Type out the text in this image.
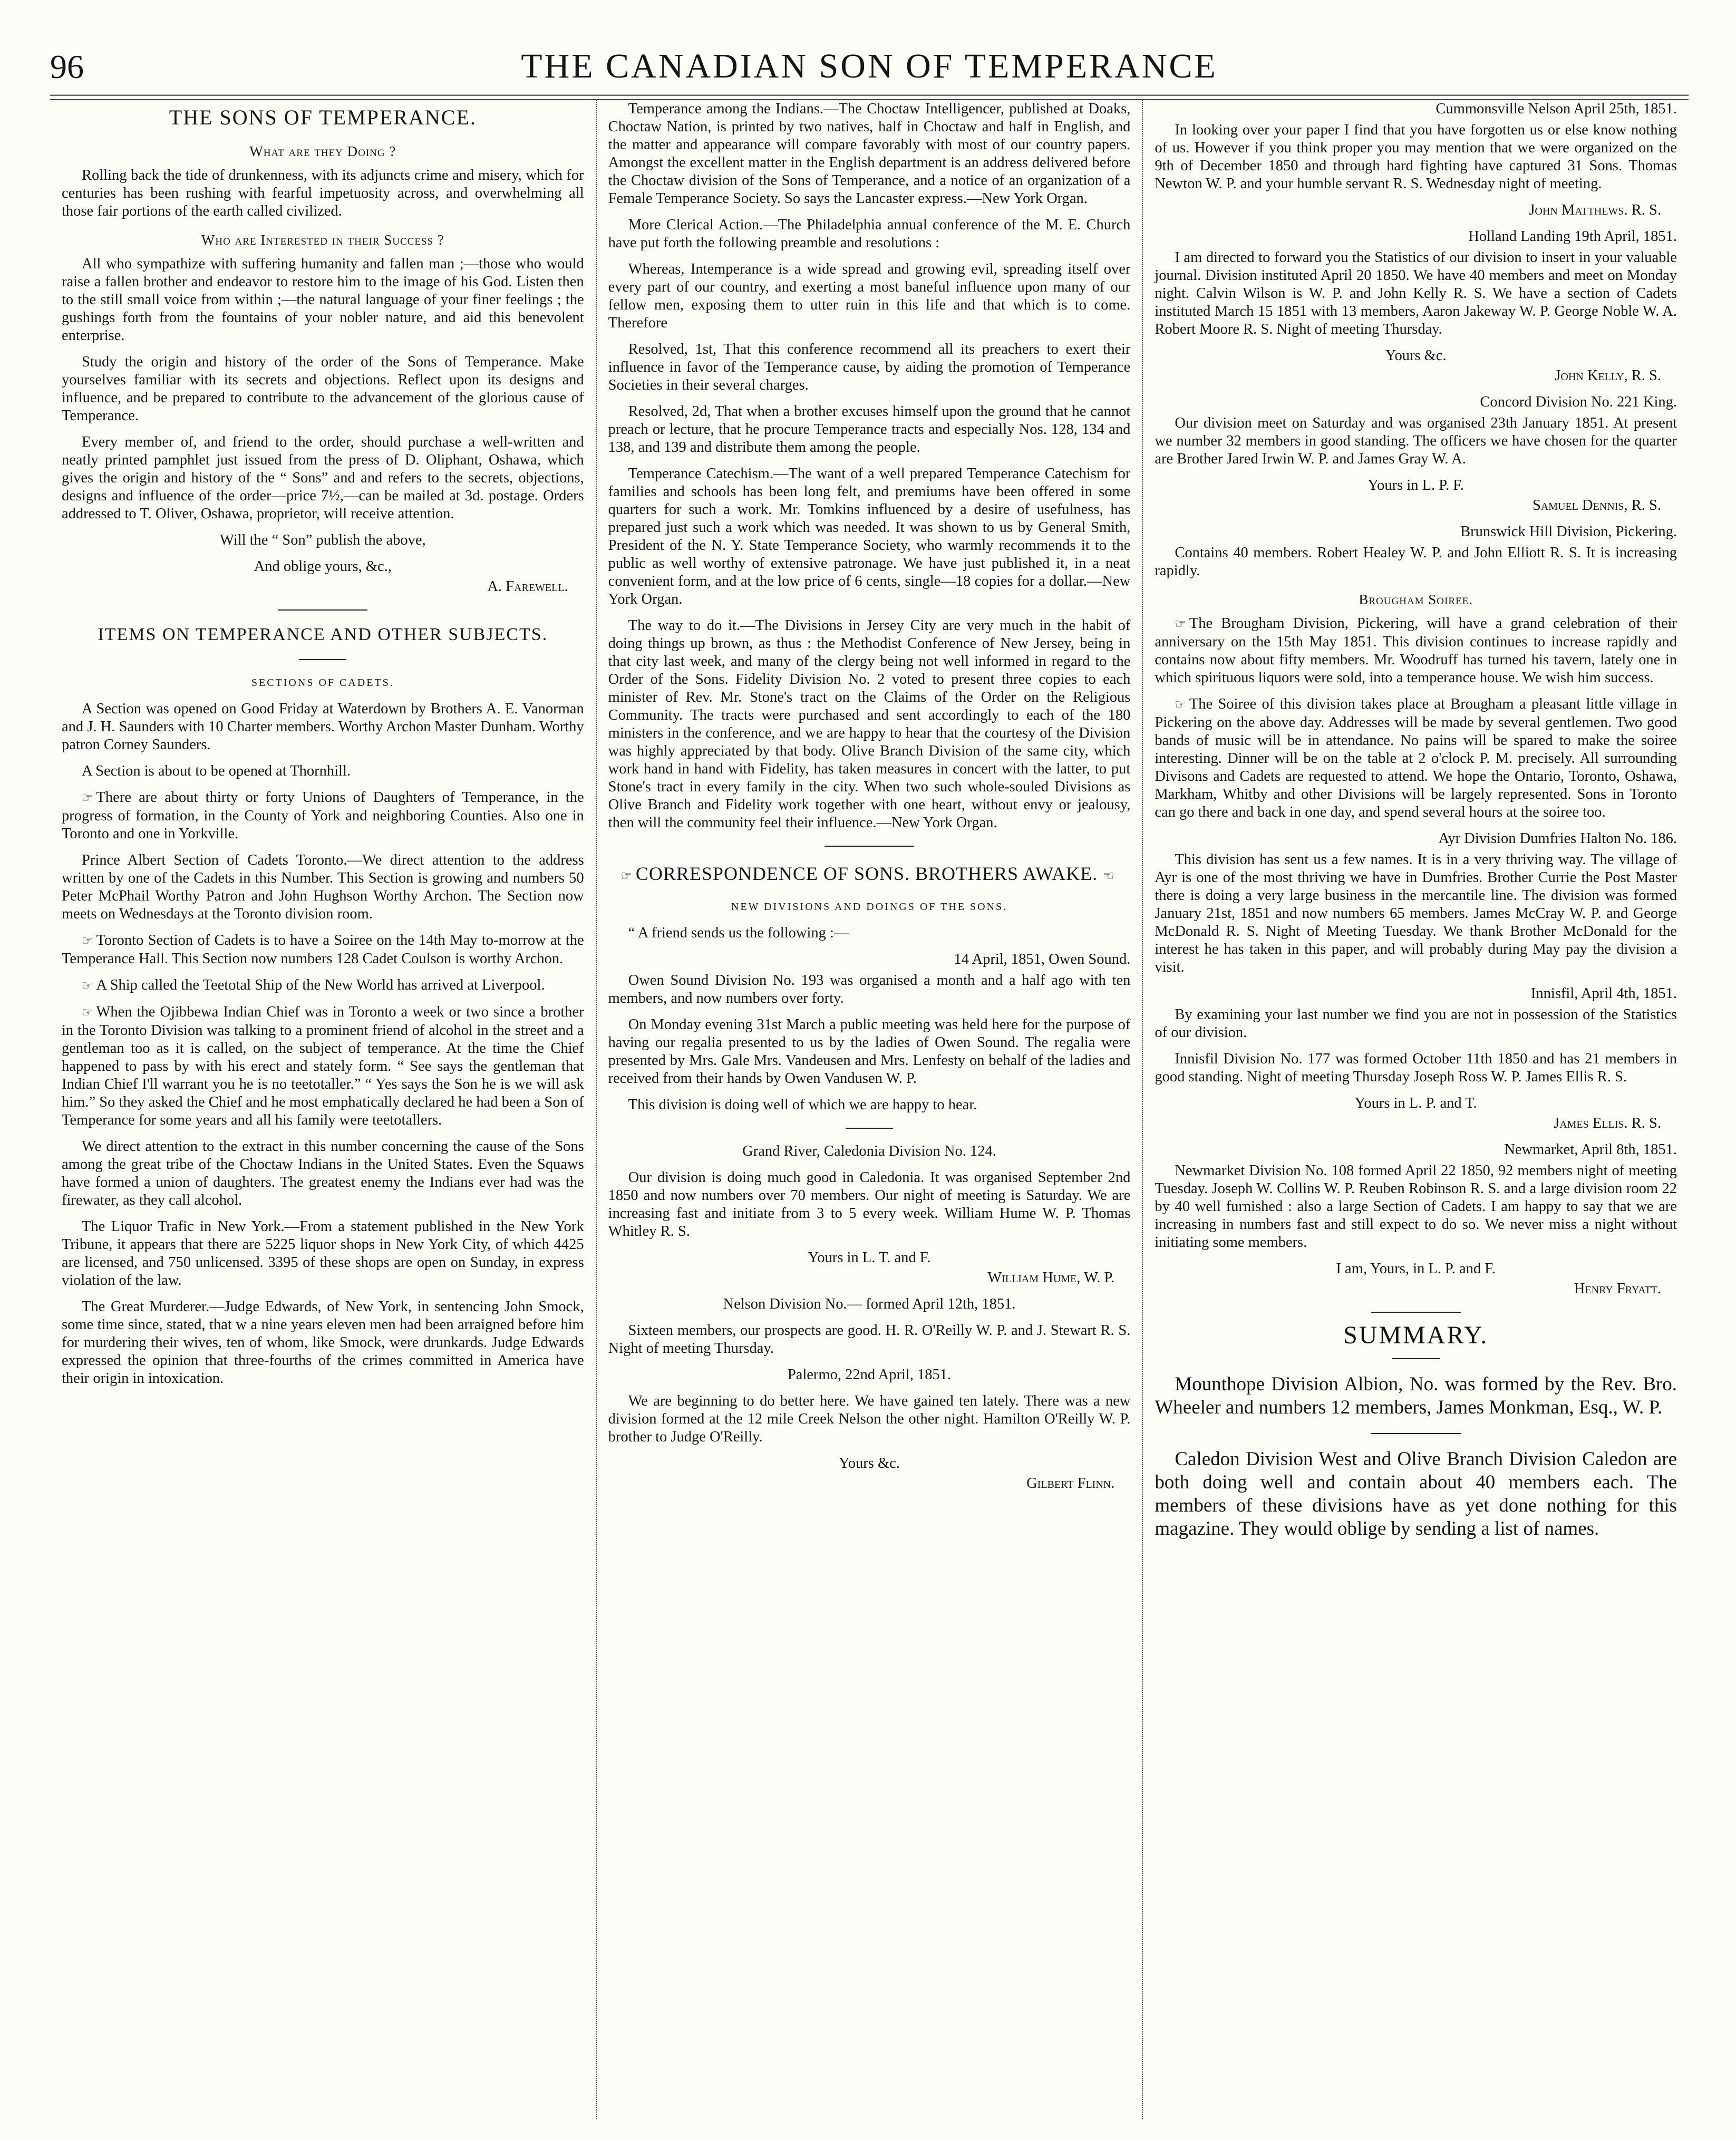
96	THE CANADIAN SON OF TEMPERANCE
THE SONS OF TEMPERANCE.
What are they Doing ?

Rolling back the tide of drunkenness, with its adjuncts crime and misery, which for centuries has been rushing with fearful impetuosity across, and overwhelming all those fair portions of the earth called civilized.

Who are Interested in their Success ?

All who sympathize with suffering humanity and fallen man ;—those who would raise a fallen brother and endeavor to restore him to the image of his God. Listen then to the still small voice from within ;—the natural language of your finer feelings ; the gushings forth from the fountains of your nobler nature, and aid this benevolent enterprise.

Study the origin and history of the order of the Sons of Temperance. Make yourselves familiar with its secrets and objections. Reflect upon its designs and influence, and be prepared to contribute to the advancement of the glorious cause of Temperance.

Every member of, and friend to the order, should purchase a well-written and neatly printed pamphlet just issued from the press of D. Oliphant, Oshawa, which gives the origin and history of the “ Sons” and and refers to the secrets, objections, designs and influence of the order—price 7½,—can be mailed at 3d. postage. Orders addressed to T. Oliver, Oshawa, proprietor, will receive attention.

Will the “ Son” publish the above,

And oblige yours, &c.,

A. Farewell.

ITEMS ON TEMPERANCE AND OTHER SUBJECTS.
SECTIONS OF CADETS.

A Section was opened on Good Friday at Waterdown by Brothers A. E. Vanorman and J. H. Saunders with 10 Charter members. Worthy Archon Master Dunham. Worthy patron Corney Saunders.

A Section is about to be opened at Thornhill.

☞ There are about thirty or forty Unions of Daughters of Temperance, in the progress of formation, in the County of York and neighboring Counties. Also one in Toronto and one in Yorkville.

Prince Albert Section of Cadets Toronto.—We direct attention to the address written by one of the Cadets in this Number. This Section is growing and numbers 50 Peter McPhail Worthy Patron and John Hughson Worthy Archon. The Section now meets on Wednesdays at the Toronto division room.

☞ Toronto Section of Cadets is to have a Soiree on the 14th May to-morrow at the Temperance Hall. This Section now numbers 128 Cadet Coulson is worthy Archon.

☞ A Ship called the Teetotal Ship of the New World has arrived at Liverpool.

☞ When the Ojibbewa Indian Chief was in Toronto a week or two since a brother in the Toronto Division was talking to a prominent friend of alcohol in the street and a gentleman too as it is called, on the subject of temperance. At the time the Chief happened to pass by with his erect and stately form. “ See says the gentleman that Indian Chief I'll warrant you he is no teetotaller.” “ Yes says the Son he is we will ask him.” So they asked the Chief and he most emphatically declared he had been a Son of Temperance for some years and all his family were teetotallers.

We direct attention to the extract in this number concerning the cause of the Sons among the great tribe of the Choctaw Indians in the United States. Even the Squaws have formed a union of daughters. The greatest enemy the Indians ever had was the firewater, as they call alcohol.

The Liquor Trafic in New York.—From a statement published in the New York Tribune, it appears that there are 5225 liquor shops in New York City, of which 4425 are licensed, and 750 unlicensed. 3395 of these shops are open on Sunday, in express violation of the law.

The Great Murderer.—Judge Edwards, of New York, in sentencing John Smock, some time since, stated, that w a nine years eleven men had been arraigned before him for murdering their wives, ten of whom, like Smock, were drunkards. Judge Edwards expressed the opinion that three-fourths of the crimes committed in America have their origin in intoxication.

Temperance among the Indians.—The Choctaw Intelligencer, published at Doaks, Choctaw Nation, is printed by two natives, half in Choctaw and half in English, and the matter and appearance will compare favorably with most of our country papers. Amongst the excellent matter in the English department is an address delivered before the Choctaw division of the Sons of Temperance, and a notice of an organization of a Female Temperance Society. So says the Lancaster express.—New York Organ.

More Clerical Action.—The Philadelphia annual conference of the M. E. Church have put forth the following preamble and resolutions :

Whereas, Intemperance is a wide spread and growing evil, spreading itself over every part of our country, and exerting a most baneful influence upon many of our fellow men, exposing them to utter ruin in this life and that which is to come. Therefore

Resolved, 1st, That this conference recommend all its preachers to exert their influence in favor of the Temperance cause, by aiding the promotion of Temperance Societies in their several charges.

Resolved, 2d, That when a brother excuses himself upon the ground that he cannot preach or lecture, that he procure Temperance tracts and especially Nos. 128, 134 and 138, and 139 and distribute them among the people.

Temperance Catechism.—The want of a well prepared Temperance Catechism for families and schools has been long felt, and premiums have been offered in some quarters for such a work. Mr. Tomkins influenced by a desire of usefulness, has prepared just such a work which was needed. It was shown to us by General Smith, President of the N. Y. State Temperance Society, who warmly recommends it to the public as well worthy of extensive patronage. We have just published it, in a neat convenient form, and at the low price of 6 cents, single—18 copies for a dollar.—New York Organ.

The way to do it.—The Divisions in Jersey City are very much in the habit of doing things up brown, as thus : the Methodist Conference of New Jersey, being in that city last week, and many of the clergy being not well informed in regard to the Order of the Sons. Fidelity Division No. 2 voted to present three copies to each minister of Rev. Mr. Stone's tract on the Claims of the Order on the Religious Community. The tracts were purchased and sent accordingly to each of the 180 ministers in the conference, and we are happy to hear that the courtesy of the Division was highly appreciated by that body. Olive Branch Division of the same city, which work hand in hand with Fidelity, has taken measures in concert with the latter, to put Stone's tract in every family in the city. When two such whole-souled Divisions as Olive Branch and Fidelity work together with one heart, without envy or jealousy, then will the community feel their influence.—New York Organ.

☞ CORRESPONDENCE OF SONS. BROTHERS AWAKE. ☜
NEW DIVISIONS AND DOINGS OF THE SONS.

“ A friend sends us the following :—

14 April, 1851, Owen Sound.

Owen Sound Division No. 193 was organised a month and a half ago with ten members, and now numbers over forty.

On Monday evening 31st March a public meeting was held here for the purpose of having our regalia presented to us by the ladies of Owen Sound. The regalia were presented by Mrs. Gale Mrs. Vandeusen and Mrs. Lenfesty on behalf of the ladies and received from their hands by Owen Vandusen W. P.

This division is doing well of which we are happy to hear.

Grand River, Caledonia Division No. 124.

Our division is doing much good in Caledonia. It was organised September 2nd 1850 and now numbers over 70 members. Our night of meeting is Saturday. We are increasing fast and initiate from 3 to 5 every week. William Hume W. P. Thomas Whitley R. S.

Yours in L. T. and F.

William Hume, W. P.

Nelson Division No.— formed April 12th, 1851.

Sixteen members, our prospects are good. H. R. O'Reilly W. P. and J. Stewart R. S. Night of meeting Thursday.

Palermo, 22nd April, 1851.

We are beginning to do better here. We have gained ten lately. There was a new division formed at the 12 mile Creek Nelson the other night. Hamilton O'Reilly W. P. brother to Judge O'Reilly.

Yours &c.

Gilbert Flinn.

Cummonsville Nelson April 25th, 1851.

In looking over your paper I find that you have forgotten us or else know nothing of us. However if you think proper you may mention that we were organized on the 9th of December 1850 and through hard fighting have captured 31 Sons. Thomas Newton W. P. and your humble servant R. S. Wednesday night of meeting.

John Matthews. R. S.

Holland Landing 19th April, 1851.

I am directed to forward you the Statistics of our division to insert in your valuable journal. Division instituted April 20 1850. We have 40 members and meet on Monday night. Calvin Wilson is W. P. and John Kelly R. S. We have a section of Cadets instituted March 15 1851 with 13 members, Aaron Jakeway W. P. George Noble W. A. Robert Moore R. S. Night of meeting Thursday.

Yours &c.

John Kelly, R. S.

Concord Division No. 221 King.

Our division meet on Saturday and was organised 23th January 1851. At present we number 32 members in good standing. The officers we have chosen for the quarter are Brother Jared Irwin W. P. and James Gray W. A.

Yours in L. P. F.

Samuel Dennis, R. S.

Brunswick Hill Division, Pickering.

Contains 40 members. Robert Healey W. P. and John Elliott R. S. It is increasing rapidly.

Brougham Soiree.

☞ The Brougham Division, Pickering, will have a grand celebration of their anniversary on the 15th May 1851. This division continues to increase rapidly and contains now about fifty members. Mr. Woodruff has turned his tavern, lately one in which spirituous liquors were sold, into a temperance house. We wish him success.

☞ The Soiree of this division takes place at Brougham a pleasant little village in Pickering on the above day. Addresses will be made by several gentlemen. Two good bands of music will be in attendance. No pains will be spared to make the soiree interesting. Dinner will be on the table at 2 o'clock P. M. precisely. All surrounding Divisons and Cadets are requested to attend. We hope the Ontario, Toronto, Oshawa, Markham, Whitby and other Divisions will be largely represented. Sons in Toronto can go there and back in one day, and spend several hours at the soiree too.

Ayr Division Dumfries Halton No. 186.

This division has sent us a few names. It is in a very thriving way. The village of Ayr is one of the most thriving we have in Dumfries. Brother Currie the Post Master there is doing a very large business in the mercantile line. The division was formed January 21st, 1851 and now numbers 65 members. James McCray W. P. and George McDonald R. S. Night of Meeting Tuesday. We thank Brother McDonald for the interest he has taken in this paper, and will probably during May pay the division a visit.

Innisfil, April 4th, 1851.

By examining your last number we find you are not in possession of the Statistics of our division.

Innisfil Division No. 177 was formed October 11th 1850 and has 21 members in good standing. Night of meeting Thursday Joseph Ross W. P. James Ellis R. S.

Yours in L. P. and T.

James Ellis. R. S.

Newmarket, April 8th, 1851.

Newmarket Division No. 108 formed April 22 1850, 92 members night of meeting Tuesday. Joseph W. Collins W. P. Reuben Robinson R. S. and a large division room 22 by 40 well furnished : also a large Section of Cadets. I am happy to say that we are increasing in numbers fast and still expect to do so. We never miss a night without initiating some members.

I am, Yours, in L. P. and F.

Henry Fryatt.

SUMMARY.

Mounthope Division Albion, No. was formed by the Rev. Bro. Wheeler and numbers 12 members, James Monkman, Esq., W. P.

Caledon Division West and Olive Branch Division Caledon are both doing well and contain about 40 members each. The members of these divisions have as yet done nothing for this magazine. They would oblige by sending a list of names.
